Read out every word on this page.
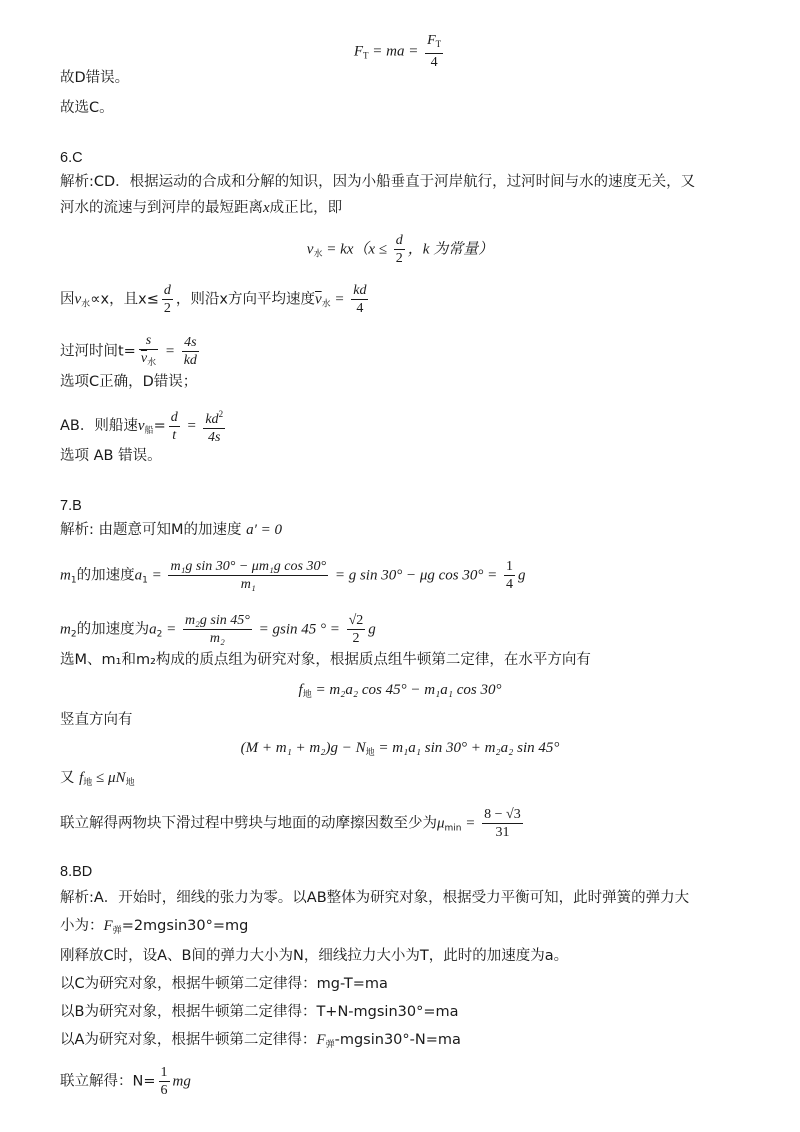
$F_T$ = ma = $\frac{F_T}{4}$
故D错误。
故选C。
6.C
解析:CD．根据运动的合成和分解的知识，因为小船垂直于河岸航行，过河时间与水的速度无关，又
河水的流速与到河岸的最短距离x成正比，即
$v_水 = kx(x \le \frac{d}{2}$ ，k 为常量）
因$v_水\propto x$，且$x\le \frac{d}{2}$ ，则沿x方向平均速度$\overline{v}_水 = \frac{kd}{4}$
过河时间$t= \frac{s}{\overline{v}_水} = \frac{4s}{kd}$
选项C正确，D错误；
AB．则船速$v_船= \frac{d}{t} = \frac{kd^2}{4s}$
选项 AB 错误。
7.B
解析: 由题意可知M的加速度 a′ = 0
$m_1$的加速度$a_1 = \frac{\text{m₁g sin 30° − μm₁g cos 30°}}{\text{m₁}} = g$ sin 30° − μg $\cos 30^\circ = \frac{1}{4}$ g
$m_2$的加速度为$a_2 = \frac{\text{m₂g sin 45°}}{\text{m₂}} = gsin$ 45 ° = $\frac{√2}{2}$ g
选M、m₁和m₂构成的质点组为研究对象，根据质点组牛顿第二定律，在水平方向有
$f_地 = m_2a_2$ cos 45° − m₁a₁ cos 30°
竖直方向有
$(M + m_1 + m_2)g - N_地 = m_1a_1$ sin 30° + m₂a₂ sin 45°
又 $f_地 \le \mu N_地$
联立解得两物块下滑过程中劈块与地面的动摩擦因数至少为$\mu_{min} = \frac{8 - √3}{31}$
8.BD
解析:A．开始时，细线的张力为零。以AB整体为研究对象，根据受力平衡可知，此时弹簧的弹力大
小为：$F_弹=2mgsin30^\circ=mg$
刚释放C时，设A、B间的弹力大小为N，细线拉力大小为T，此时的加速度为a。
以C为研究对象，根据牛顿第二定律得：mg-T=ma
以B为研究对象，根据牛顿第二定律得：T+N-mgsin30°=ma
以A为研究对象，根据牛顿第二定律得：$F_弹-mgsin30^\circ-N=ma$
联立解得：$N= \frac{1}{6}$ mg
